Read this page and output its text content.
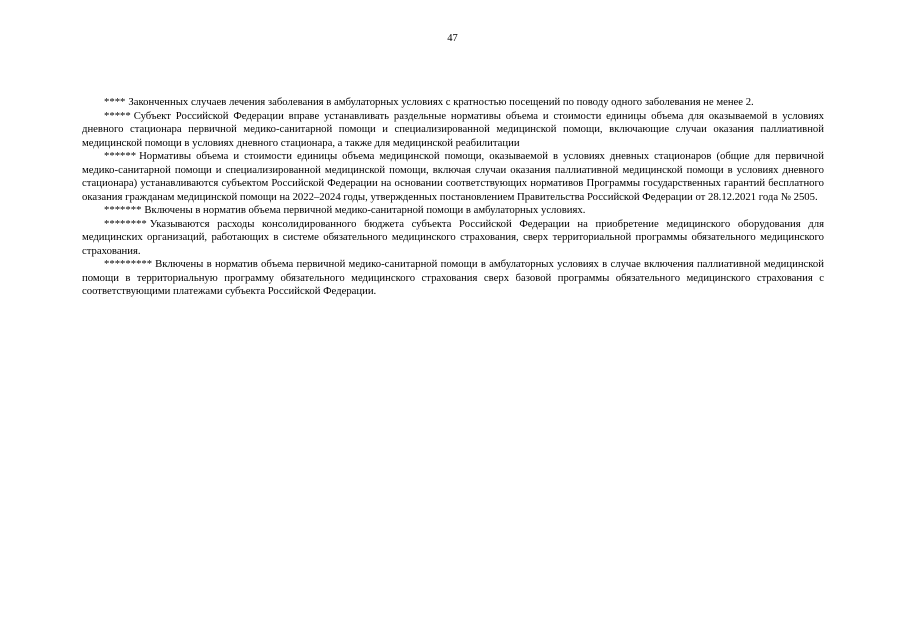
47

**** Законченных случаев лечения заболевания в амбулаторных условиях с кратностью посещений по поводу одного заболевания не менее 2.

***** Субъект Российской Федерации вправе устанавливать раздельные нормативы объема и стоимости единицы объема для оказываемой в условиях дневного стационара первичной медико-санитарной помощи и специализированной медицинской помощи, включающие случаи оказания паллиативной медицинской помощи в условиях дневного стационара, а также для медицинской реабилитации

****** Нормативы объема и стоимости единицы объема медицинской помощи, оказываемой в условиях дневных стационаров (общие для первичной медико-санитарной помощи и специализированной медицинской помощи, включая случаи оказания паллиативной медицинской помощи в условиях дневного стационара) устанавливаются субъектом Российской Федерации на основании соответствующих нормативов Программы государственных гарантий бесплатного оказания гражданам медицинской помощи на 2022–2024 годы, утвержденных постановлением Правительства Российской Федерации от 28.12.2021 года № 2505.

******* Включены в норматив объема первичной медико-санитарной помощи в амбулаторных условиях.

******** Указываются расходы консолидированного бюджета субъекта Российской Федерации на приобретение медицинского оборудования для медицинских организаций, работающих в системе обязательного медицинского страхования, сверх территориальной программы обязательного медицинского страхования.

********* Включены в норматив объема первичной медико-санитарной помощи в амбулаторных условиях в случае включения паллиативной медицинской помощи в территориальную программу обязательного медицинского страхования сверх базовой программы обязательного медицинского страхования с соответствующими платежами субъекта Российской Федерации.
